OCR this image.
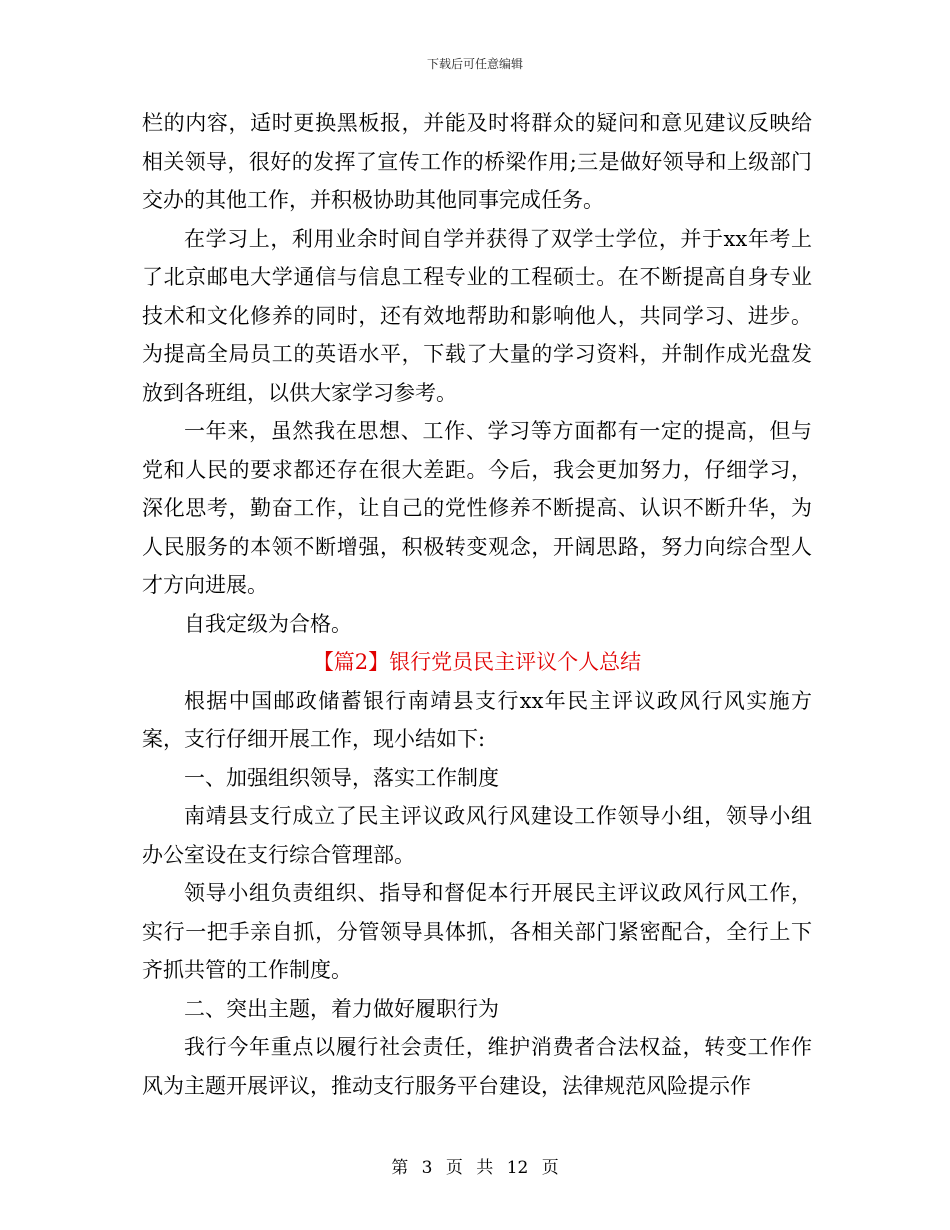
下载后可任意编辑

栏的内容，适时更换黑板报，并能及时将群众的疑问和意见建议反映给相关领导，很好的发挥了宣传工作的桥梁作用;三是做好领导和上级部门交办的其他工作，并积极协助其他同事完成任务。

在学习上，利用业余时间自学并获得了双学士学位，并于xx年考上了北京邮电大学通信与信息工程专业的工程硕士。在不断提高自身专业技术和文化修养的同时，还有效地帮助和影响他人，共同学习、进步。为提高全局员工的英语水平，下载了大量的学习资料，并制作成光盘发放到各班组，以供大家学习参考。

一年来，虽然我在思想、工作、学习等方面都有一定的提高，但与党和人民的要求都还存在很大差距。今后，我会更加努力，仔细学习，深化思考，勤奋工作，让自己的党性修养不断提高、认识不断升华，为人民服务的本领不断增强，积极转变观念，开阔思路，努力向综合型人才方向进展。

自我定级为合格。

【篇2】银行党员民主评议个人总结

根据中国邮政储蓄银行南靖县支行xx年民主评议政风行风实施方案，支行仔细开展工作，现小结如下:

一、加强组织领导，落实工作制度

南靖县支行成立了民主评议政风行风建设工作领导小组，领导小组办公室设在支行综合管理部。

领导小组负责组织、指导和督促本行开展民主评议政风行风工作，实行一把手亲自抓，分管领导具体抓，各相关部门紧密配合，全行上下齐抓共管的工作制度。

二、突出主题，着力做好履职行为

我行今年重点以履行社会责任，维护消费者合法权益，转变工作作风为主题开展评议，推动支行服务平台建设，法律规范风险提示作

第 3 页 共 12 页
